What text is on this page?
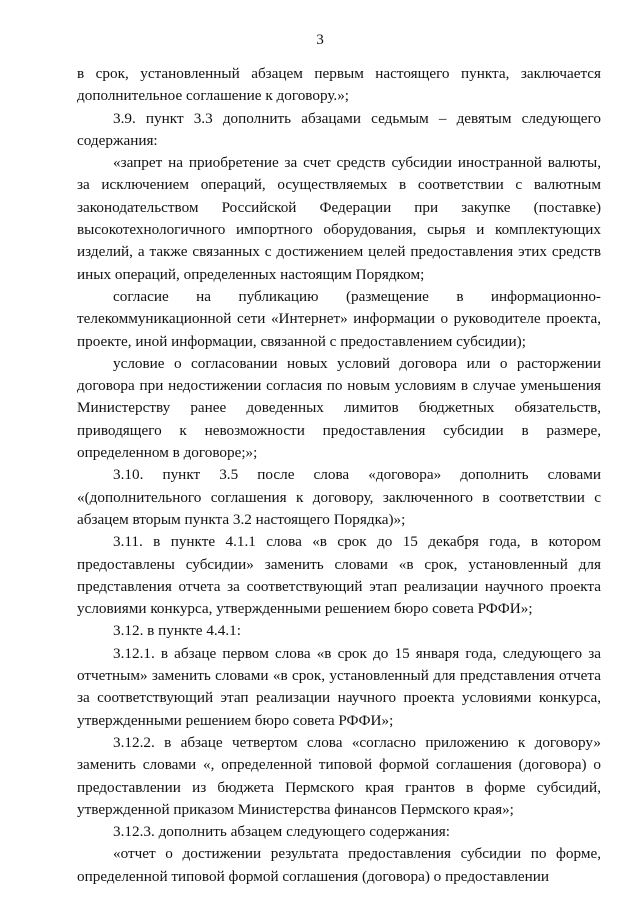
3

в срок, установленный абзацем первым настоящего пункта, заключается дополнительное соглашение к договору.»;

3.9. пункт 3.3 дополнить абзацами седьмым – девятым следующего содержания:

«запрет на приобретение за счет средств субсидии иностранной валюты, за исключением операций, осуществляемых в соответствии с валютным законодательством Российской Федерации при закупке (поставке) высокотехнологичного импортного оборудования, сырья и комплектующих изделий, а также связанных с достижением целей предоставления этих средств иных операций, определенных настоящим Порядком;

согласие на публикацию (размещение в информационно-телекоммуникационной сети «Интернет» информации о руководителе проекта, проекте, иной информации, связанной с предоставлением субсидии);

условие о согласовании новых условий договора или о расторжении договора при недостижении согласия по новым условиям в случае уменьшения Министерству ранее доведенных лимитов бюджетных обязательств, приводящего к невозможности предоставления субсидии в размере, определенном в договоре;»;

3.10. пункт 3.5 после слова «договора» дополнить словами «(дополнительного соглашения к договору, заключенного в соответствии с абзацем вторым пункта 3.2 настоящего Порядка)»;

3.11. в пункте 4.1.1 слова «в срок до 15 декабря года, в котором предоставлены субсидии» заменить словами «в срок, установленный для представления отчета за соответствующий этап реализации научного проекта условиями конкурса, утвержденными решением бюро совета РФФИ»;

3.12. в пункте 4.4.1:

3.12.1. в абзаце первом слова «в срок до 15 января года, следующего за отчетным» заменить словами «в срок, установленный для представления отчета за соответствующий этап реализации научного проекта условиями конкурса, утвержденными решением бюро совета РФФИ»;

3.12.2. в абзаце четвертом слова «согласно приложению к договору» заменить словами «, определенной типовой формой соглашения (договора) о предоставлении из бюджета Пермского края грантов в форме субсидий, утвержденной приказом Министерства финансов Пермского края»;

3.12.3. дополнить абзацем следующего содержания:

«отчет о достижении результата предоставления субсидии по форме, определенной типовой формой соглашения (договора) о предоставлении
